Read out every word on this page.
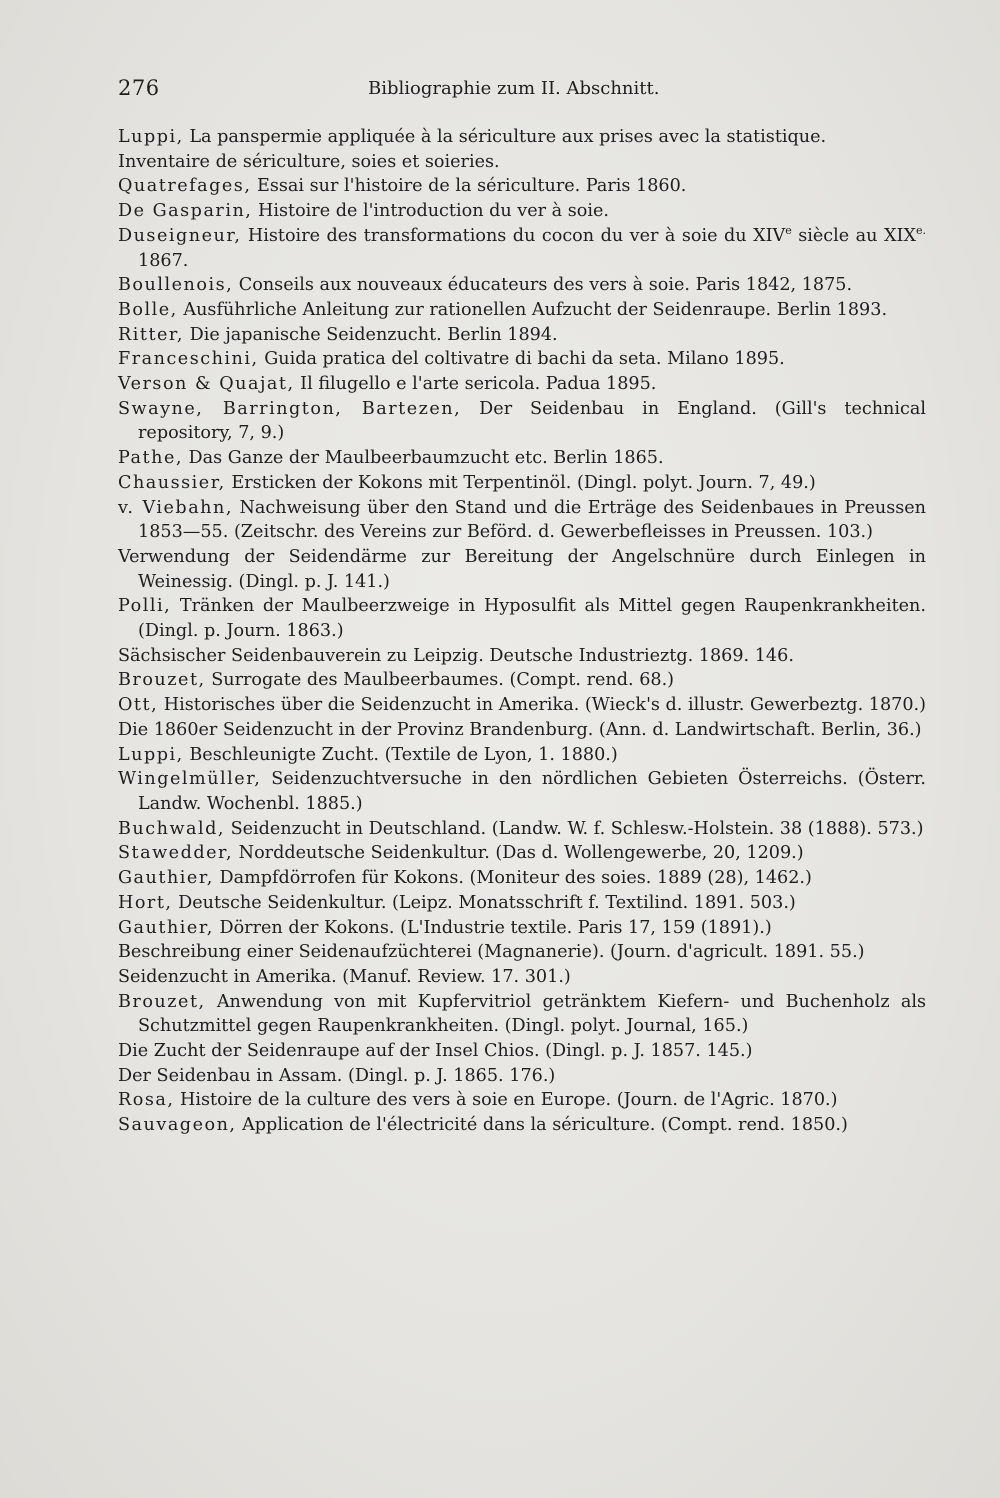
276	Bibliographie zum II. Abschnitt.
Luppi, La panspermie appliquée à la sériculture aux prises avec la statistique.
Inventaire de sériculture, soies et soieries.
Quatrefages, Essai sur l'histoire de la sériculture. Paris 1860.
De Gasparin, Histoire de l'introduction du ver à soie.
Duseigneur, Histoire des transformations du cocon du ver à soie du XIVe siècle au $XIX^{e.}$ 1867.
Boullenois, Conseils aux nouveaux éducateurs des vers à soie. Paris 1842, 1875.
Bolle, Ausführliche Anleitung zur rationellen Aufzucht der Seidenraupe. Berlin 1893.
Ritter, Die japanische Seidenzucht. Berlin 1894.
Franceschini, Guida pratica del coltivatre di bachi da seta. Milano 1895.
Verson & Quajat, Il filugello e l'arte sericola. Padua 1895.
Swayne, Barrington, Bartezen, Der Seidenbau in England. (Gill's technical repository, 7, 9.)
Pathe, Das Ganze der Maulbeerbaumzucht etc. Berlin 1865.
Chaussier, Ersticken der Kokons mit Terpentinöl. (Dingl. polyt. Journ. 7, 49.)
v. Viebahn, Nachweisung über den Stand und die Erträge des Seidenbaues in Preussen 1853—55. (Zeitschr. des Vereins zur Beförd. d. Gewerbefleisses in Preussen. 103.)
Verwendung der Seidendärme zur Bereitung der Angelschnüre durch Einlegen in Weinessig. (Dingl. p. J. 141.)
Polli, Tränken der Maulbeerzweige in Hyposulfit als Mittel gegen Raupenkrankheiten. (Dingl. p. Journ. 1863.)
Sächsischer Seidenbauverein zu Leipzig. Deutsche Industrieztg. 1869. 146.
Brouzet, Surrogate des Maulbeerbaumes. (Compt. rend. 68.)
Ott, Historisches über die Seidenzucht in Amerika. (Wieck's d. illustr. Gewerbeztg. 1870.)
Die 1860er Seidenzucht in der Provinz Brandenburg. (Ann. d. Landwirtschaft. Berlin, 36.)
Luppi, Beschleunigte Zucht. (Textile de Lyon, 1. 1880.)
Wingelmüller, Seidenzuchtversuche in den nördlichen Gebieten Österreichs. (Österr. Landw. Wochenbl. 1885.)
Buchwald, Seidenzucht in Deutschland. (Landw. W. f. Schlesw.-Holstein. 38 (1888). 573.)
Stawedder, Norddeutsche Seidenkultur. (Das d. Wollengewerbe, 20, 1209.)
Gauthier, Dampfdörrofen für Kokons. (Moniteur des soies. 1889 (28), 1462.)
Hort, Deutsche Seidenkultur. (Leipz. Monatsschrift f. Textilind. 1891. 503.)
Gauthier, Dörren der Kokons. (L'Industrie textile. Paris 17, 159 (1891).)
Beschreibung einer Seidenaufzüchterei (Magnanerie). (Journ. d'agricult. 1891. 55.)
Seidenzucht in Amerika. (Manuf. Review. 17. 301.)
Brouzet, Anwendung von mit Kupfervitriol getränktem Kiefern- und Buchenholz als Schutzmittel gegen Raupenkrankheiten. (Dingl. polyt. Journal, 165.)
Die Zucht der Seidenraupe auf der Insel Chios. (Dingl. p. J. 1857. 145.)
Der Seidenbau in Assam. (Dingl. p. J. 1865. 176.)
Rosa, Histoire de la culture des vers à soie en Europe. (Journ. de l'Agric. 1870.)
Sauvageon, Application de l'électricité dans la sériculture. (Compt. rend. 1850.)
